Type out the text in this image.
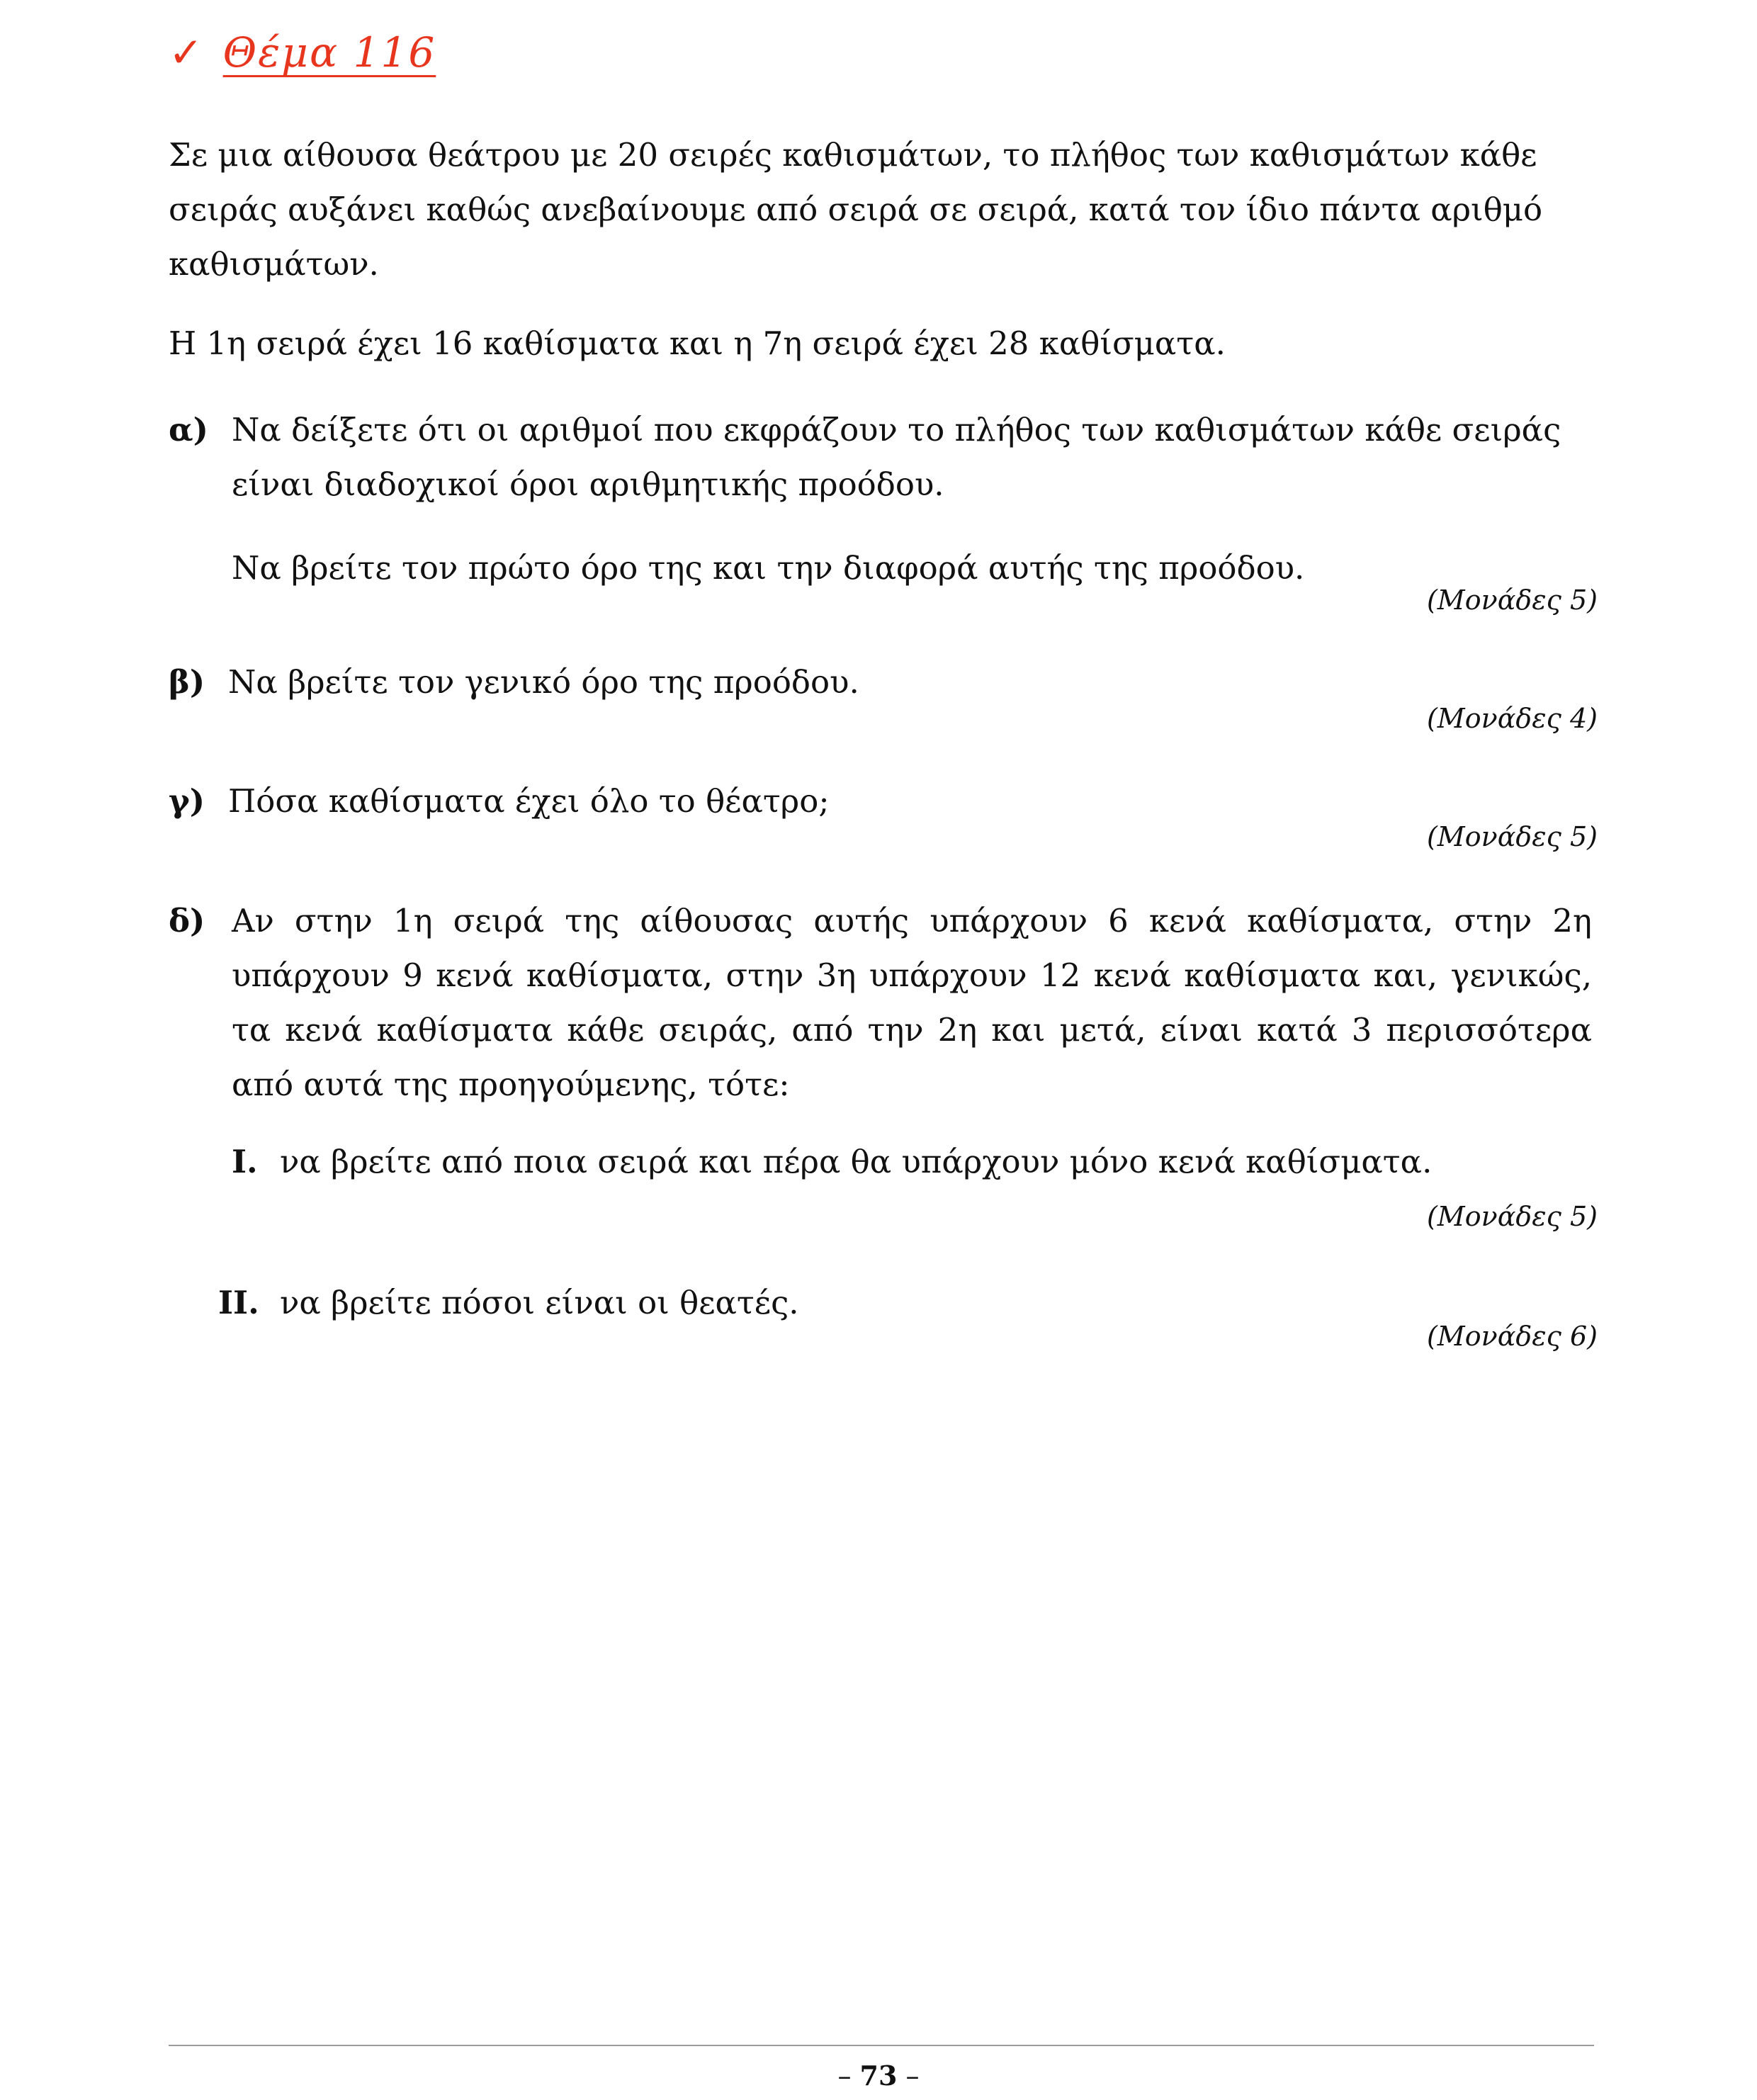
✓ Θέμα 116

Σε μια αίθουσα θεάτρου με 20 σειρές καθισμάτων, το πλήθος των καθισμάτων κάθε σειράς αυξάνει καθώς ανεβαίνουμε από σειρά σε σειρά, κατά τον ίδιο πάντα αριθμό καθισμάτων.

Η 1η σειρά έχει 16 καθίσματα και η 7η σειρά έχει 28 καθίσματα.

α) Να δείξετε ότι οι αριθμοί που εκφράζουν το πλήθος των καθισμάτων κάθε σειράς είναι διαδοχικοί όροι αριθμητικής προόδου.

Να βρείτε τον πρώτο όρο της και την διαφορά αυτής της προόδου.

(Μονάδες 5)
β) Να βρείτε τον γενικό όρο της προόδου.

(Μονάδες 4)
γ) Πόσα καθίσματα έχει όλο το θέατρο;

(Μονάδες 5)
δ) Αν στην 1η σειρά της αίθουσας αυτής υπάρχουν 6 κενά καθίσματα, στην 2η υπάρχουν 9 κενά καθίσματα, στην 3η υπάρχουν 12 κενά καθίσματα και, γενικώς, τα κενά καθίσματα κάθε σειράς, από την 2η και μετά, είναι κατά 3 περισσότερα από αυτά της προηγούμενης, τότε:

I. να βρείτε από ποια σειρά και πέρα θα υπάρχουν μόνο κενά καθίσματα.

(Μονάδες 5)
II. να βρείτε πόσοι είναι οι θεατές.

(Μονάδες 6)
– 73 –
